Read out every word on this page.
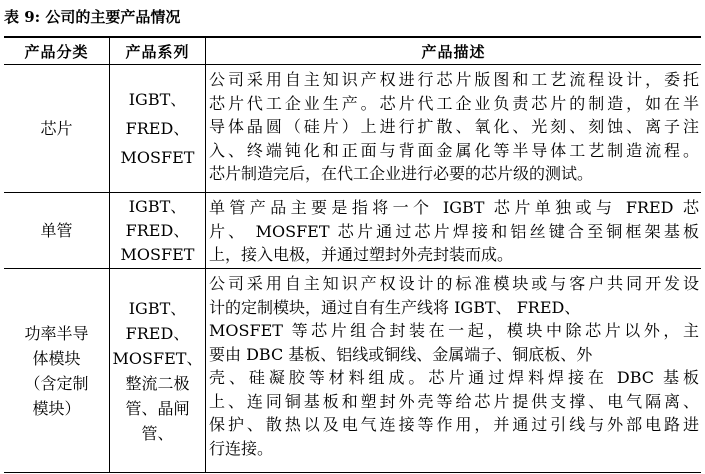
表 9: 公司的主要产品情况
产品分类	产品系列	产品描述
芯片
IGBT、
FRED、
MOSFET
公司采用自主知识产权进行芯片版图和工艺流程设计，委托
芯片代工企业生产。芯片代工企业负责芯片的制造，如在半
导体晶圆（硅片）上进行扩散、氧化、光刻、刻蚀、离子注
入、终端钝化和正面与背面金属化等半导体工艺制造流程。
芯片制造完后，在代工企业进行必要的芯片级的测试。
单管
IGBT、
FRED、
MOSFET
单管产品主要是指将一个 IGBT 芯片单独或与 FRED 芯
片、 MOSFET 芯片通过芯片焊接和铝丝键合至铜框架基板
上，接入电极，并通过塑封外壳封装而成。
功率半导
体模块
（含定制
模块）
IGBT、
FRED、
MOSFET、
整流二极
管、晶闸
管、
公司采用自主知识产权设计的标准模块或与客户共同开发设
计的定制模块，通过自有生产线将 IGBT、 FRED、
MOSFET 等芯片组合封装在一起，模块中除芯片以外，主
要由 DBC 基板、铝线或铜线、金属端子、铜底板、外
壳、硅凝胶等材料组成。芯片通过焊料焊接在 DBC 基板
上、连同铜基板和塑封外壳等给芯片提供支撑、电气隔离、
保护、散热以及电气连接等作用，并通过引线与外部电路进
行连接。
